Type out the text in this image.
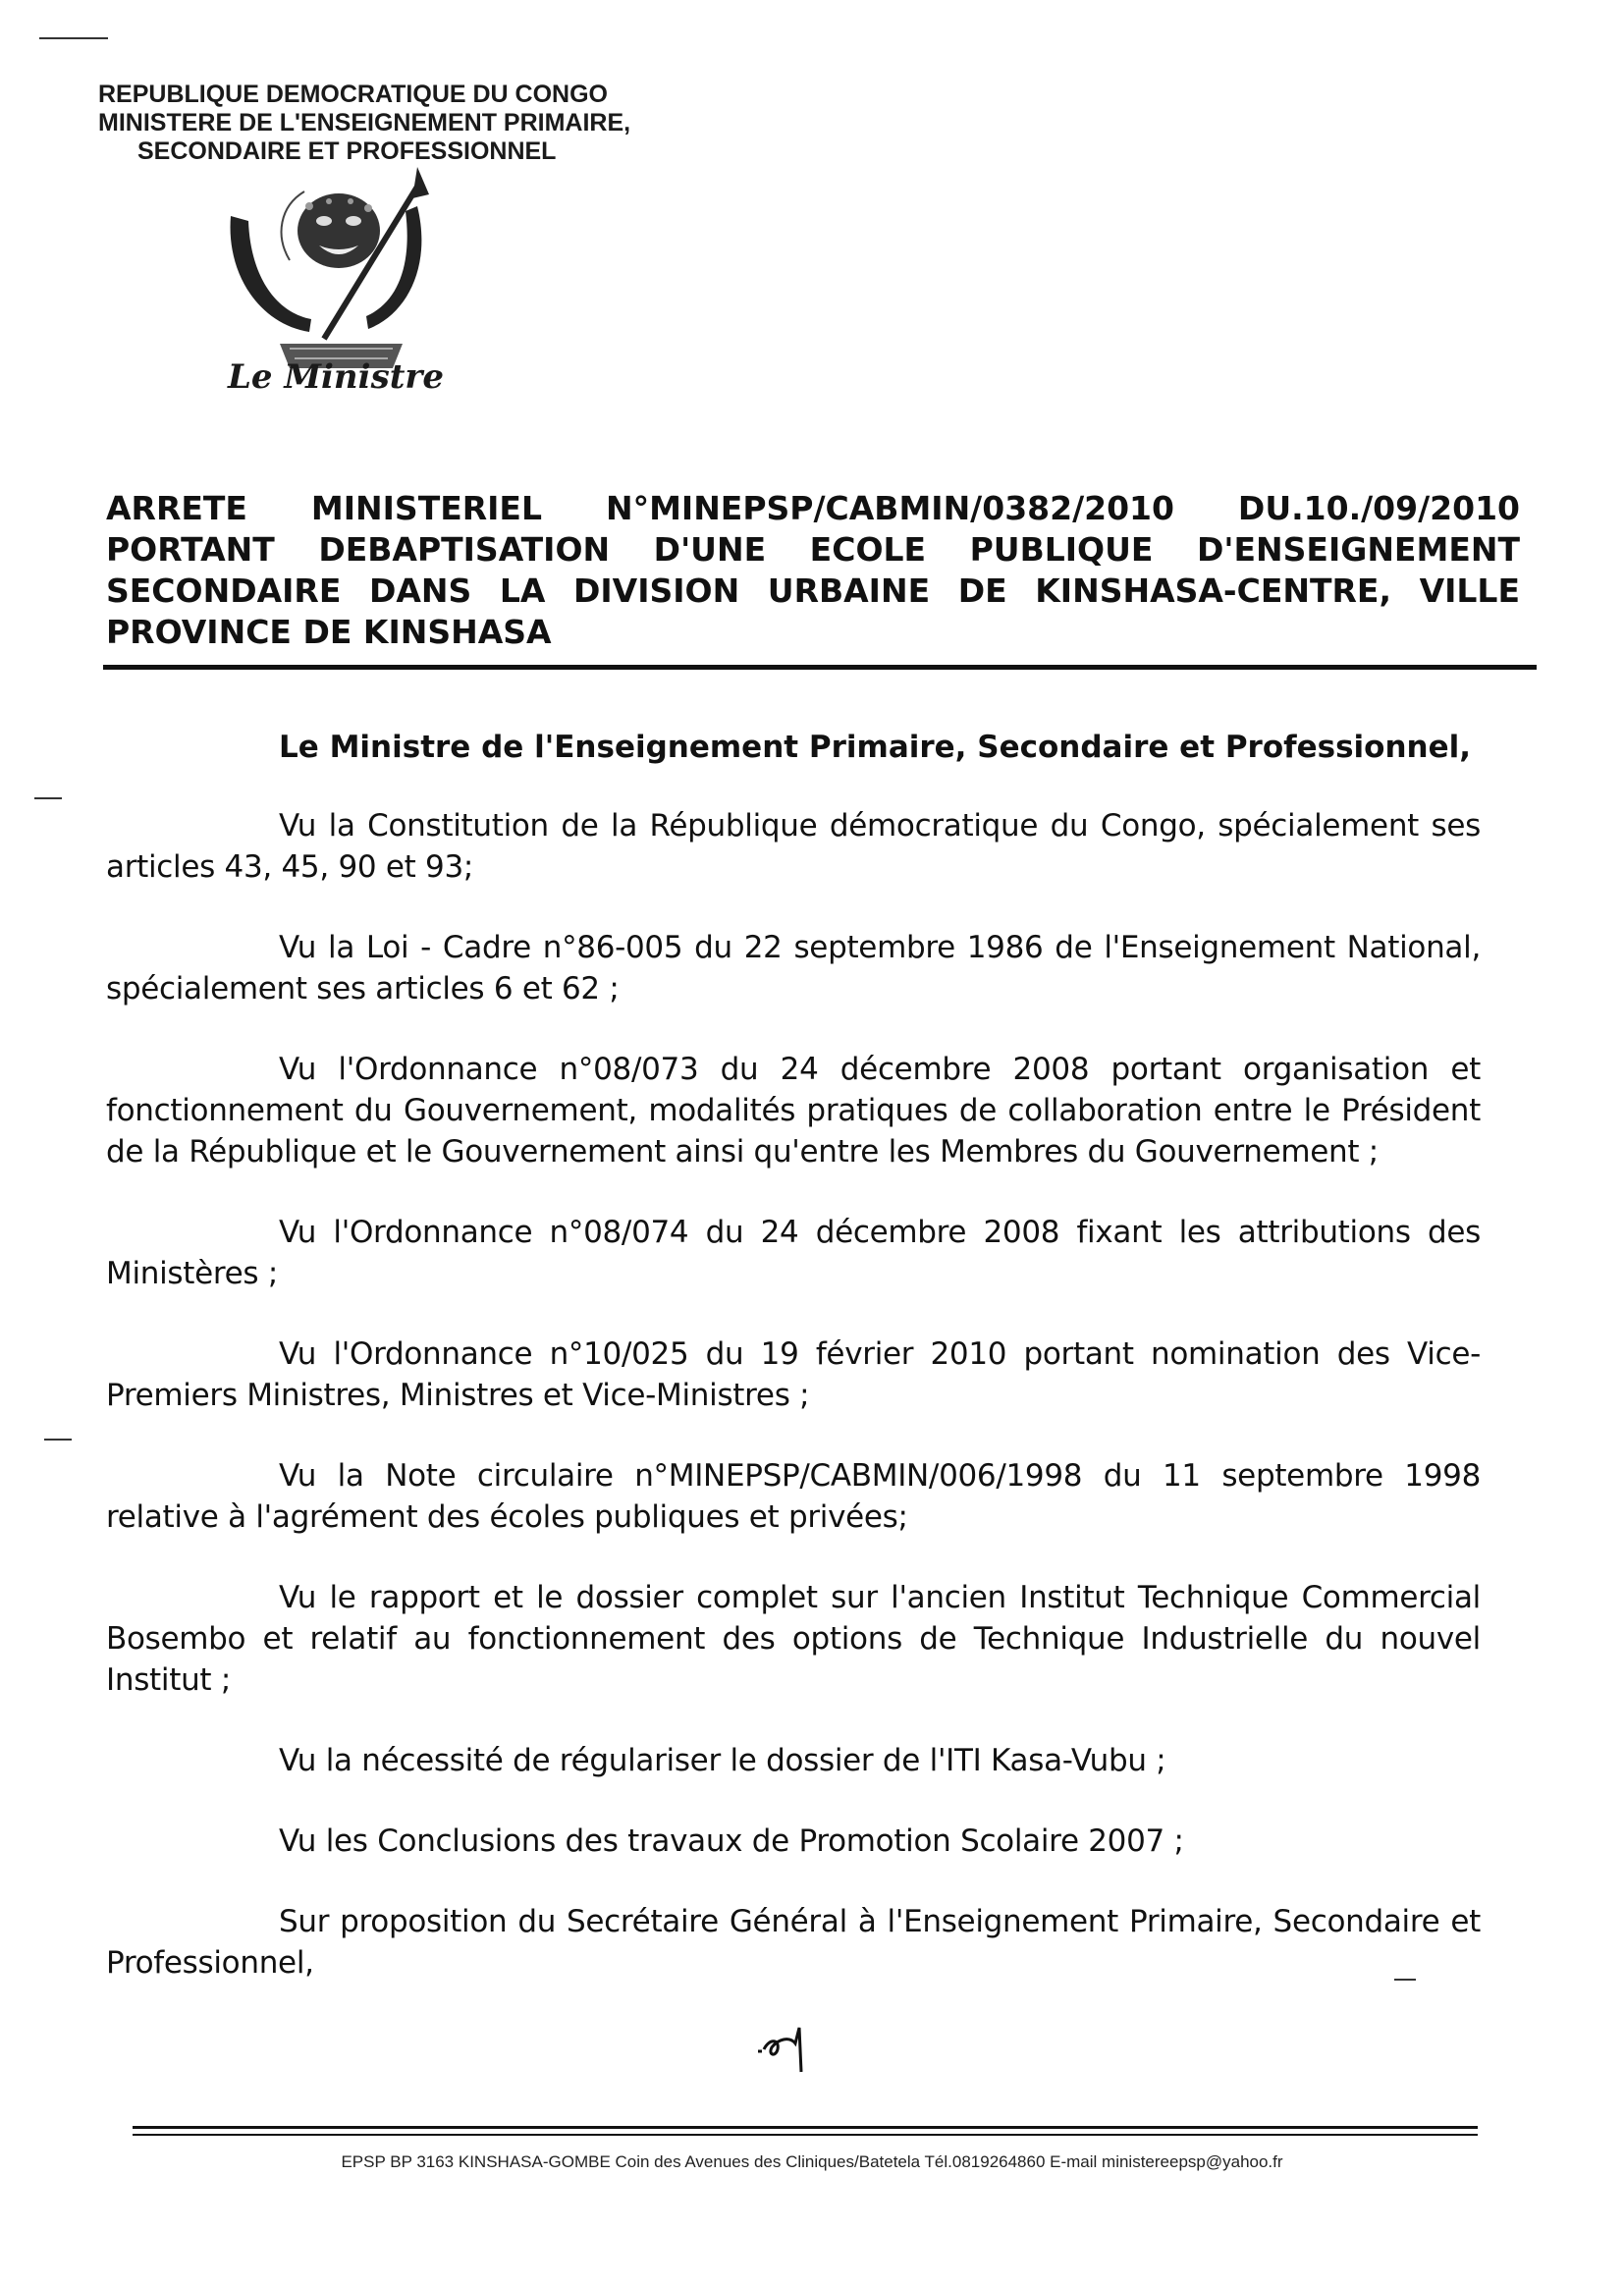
REPUBLIQUE DEMOCRATIQUE DU CONGO
MINISTERE DE L'ENSEIGNEMENT PRIMAIRE,
SECONDAIRE ET PROFESSIONNEL
Le Ministre
ARRETE MINISTERIEL N°MINEPSP/CABMIN/0382/2010 DU.10./09/2010
PORTANT DEBAPTISATION D'UNE ECOLE PUBLIQUE D'ENSEIGNEMENT
SECONDAIRE DANS LA DIVISION URBAINE DE KINSHASA-CENTRE, VILLE
PROVINCE DE KINSHASA
Le Ministre de l'Enseignement Primaire, Secondaire et Professionnel,

Vu la Constitution de la République démocratique du Congo, spécialement ses articles 43, 45, 90 et 93;

Vu la Loi - Cadre n°86-005 du 22 septembre 1986 de l'Enseignement National, spécialement ses articles 6 et 62 ;

Vu l'Ordonnance n°08/073 du 24 décembre 2008 portant organisation et fonctionnement du Gouvernement, modalités pratiques de collaboration entre le Président de la République et le Gouvernement ainsi qu'entre les Membres du Gouvernement ;

Vu l'Ordonnance n°08/074 du 24 décembre 2008 fixant les attributions des Ministères ;

Vu l'Ordonnance n°10/025 du 19 février 2010 portant nomination des Vice-Premiers Ministres, Ministres et Vice-Ministres ;

Vu la Note circulaire n°MINEPSP/CABMIN/006/1998 du 11 septembre 1998 relative à l'agrément des écoles publiques et privées;

Vu le rapport et le dossier complet sur l'ancien Institut Technique Commercial Bosembo et relatif au fonctionnement des options de Technique Industrielle du nouvel Institut ;

Vu la nécessité de régulariser le dossier de l'ITI Kasa-Vubu ;

Vu les Conclusions des travaux de Promotion Scolaire 2007 ;

Sur proposition du Secrétaire Général à l'Enseignement Primaire, Secondaire et Professionnel,

EPSP BP 3163 KINSHASA-GOMBE Coin des Avenues des Cliniques/Batetela Tél.0819264860 E-mail ministereepsp@yahoo.fr
